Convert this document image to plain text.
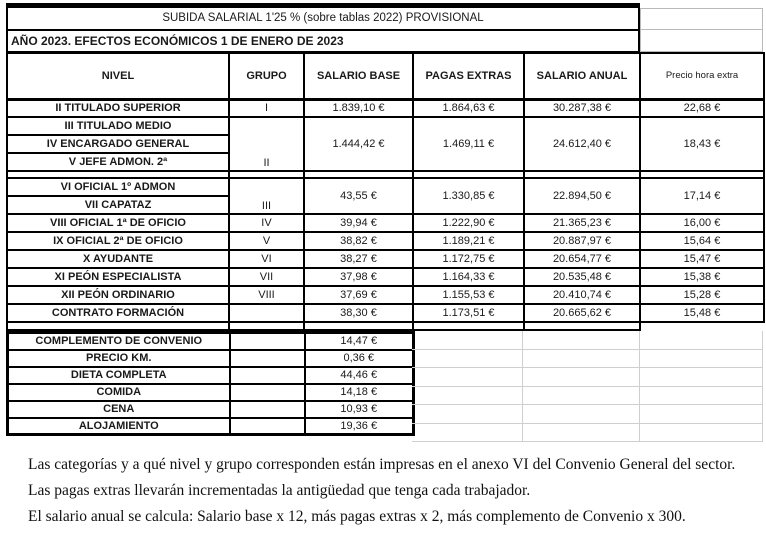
SUBIDA SALARIAL 1'25 % (sobre tablas 2022) PROVISIONAL
AÑO 2023. EFECTOS ECONÓMICOS 1 DE ENERO DE 2023
NIVEL	GRUPO	SALARIO BASE	PAGAS EXTRAS	SALARIO ANUAL	Precio hora extra
II TITULADO SUPERIOR	I	1.839,10 €	1.864,63 €	30.287,38 €	22,68 €
III TITULADO MEDIO	II	1.444,42 €	1.469,11 €	24.612,40 €	18,43 €
IV ENCARGADO GENERAL					
V JEFE ADMON. 2ª					

VI OFICIAL 1º ADMON	III	43,55 €	1.330,85 €	22.894,50 €	17,14 €
VII CAPATAZ					
VIII OFICIAL 1ª DE OFICIO	IV	39,94 €	1.222,90 €	21.365,23 €	16,00 €
IX OFICIAL 2ª DE OFICIO	V	38,82 €	1.189,21 €	20.887,97 €	15,64 €
X AYUDANTE	VI	38,27 €	1.172,75 €	20.654,77 €	15,47 €
XI PEÓN ESPECIALISTA	VII	37,98 €	1.164,33 €	20.535,48 €	15,38 €
XII PEÓN ORDINARIO	VIII	37,69 €	1.155,53 €	20.410,74 €	15,28 €
CONTRATO FORMACIÓN		38,30 €	1.173,51 €	20.665,62 €	15,48 €

COMPLEMENTO DE CONVENIO		14,47 €
PRECIO KM.		0,36 €
DIETA COMPLETA		44,46 €
COMIDA		14,18 €
CENA		10,93 €
ALOJAMIENTO		19,36 €

Las categorías y a qué nivel y grupo corresponden están impresas en el anexo VI del Convenio General del sector.

Las pagas extras llevarán incrementadas la antigüedad que tenga cada trabajador.

El salario anual se calcula: Salario base x 12, más pagas extras x 2, más complemento de Convenio x 300.
